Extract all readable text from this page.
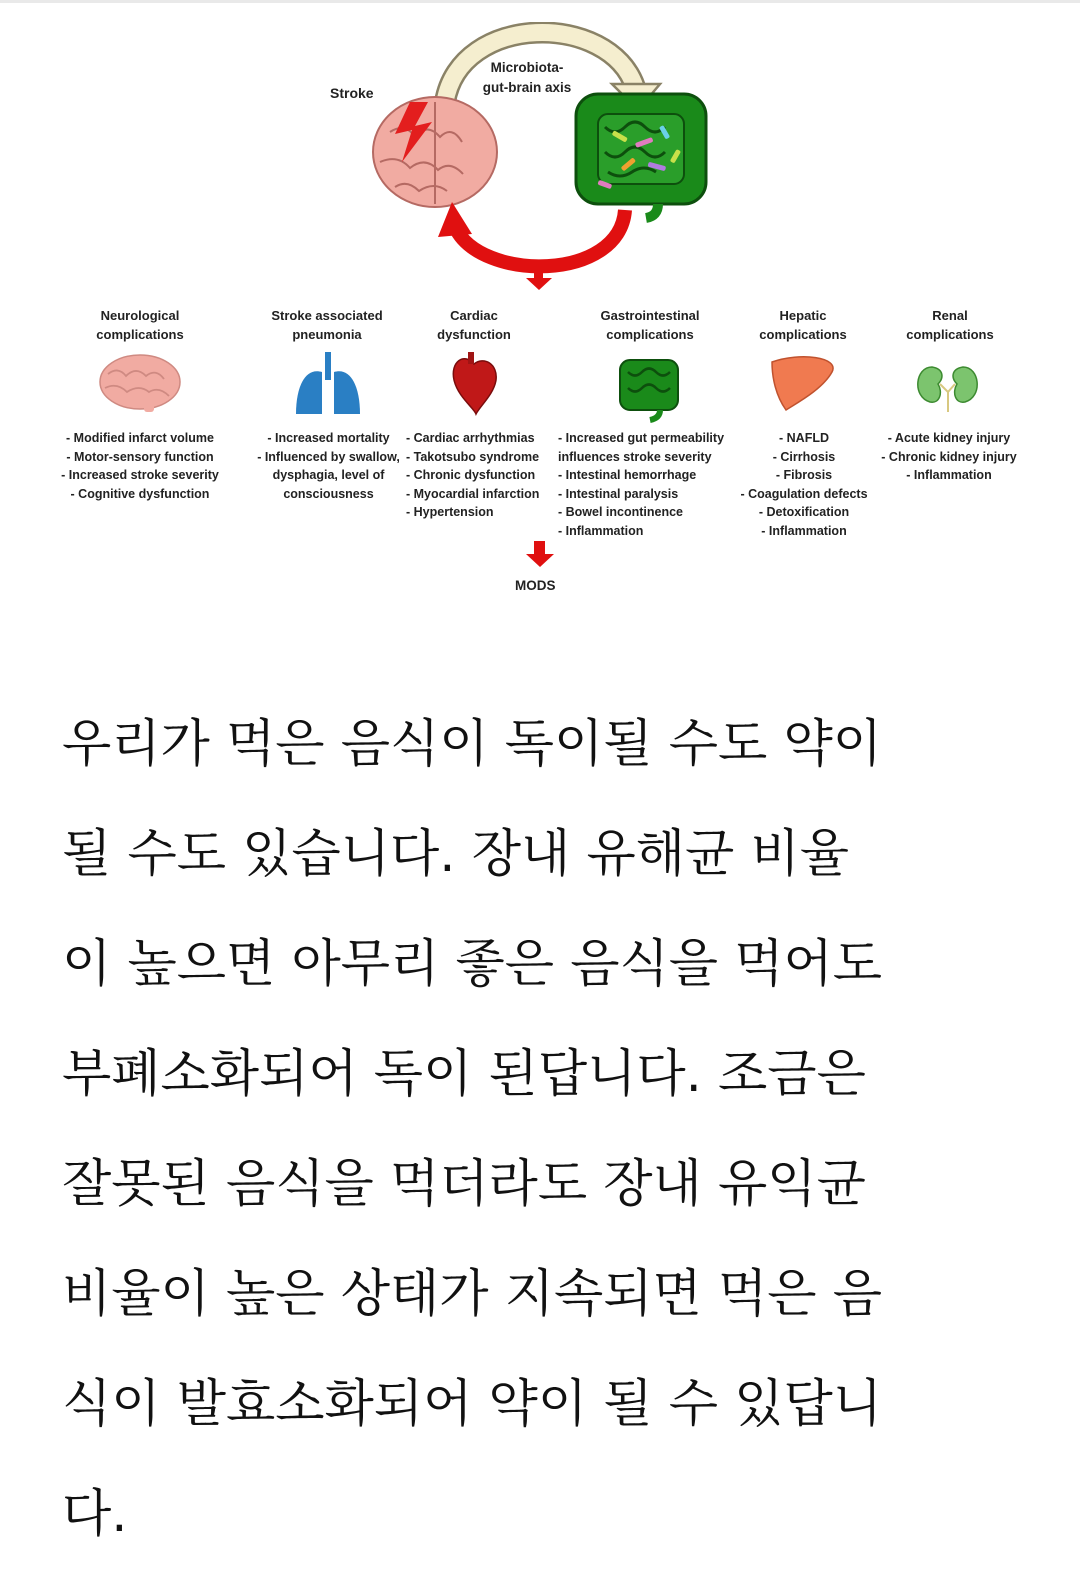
Stroke
Microbiota-
gut-brain axis
Neurological
complications
Stroke associated
pneumonia
Cardiac
dysfunction
Gastrointestinal
complications
Hepatic
complications
Renal
complications
- Modified infarct volume
- Motor-sensory function
- Increased stroke severity
- Cognitive dysfunction
- Increased mortality
- Influenced by swallow,
dysphagia, level of
consciousness
- Cardiac arrhythmias
- Takotsubo syndrome
- Chronic dysfunction
- Myocardial infarction
- Hypertension
- Increased gut permeability
influences stroke severity
- Intestinal hemorrhage
- Intestinal paralysis
- Bowel incontinence
- Inflammation
- NAFLD
- Cirrhosis
- Fibrosis
- Coagulation defects
- Detoxification
- Inflammation
- Acute kidney injury
- Chronic kidney injury
- Inflammation
MODS
우리가 먹은 음식이 독이될 수도 약이
될 수도 있습니다. 장내 유해균 비율
이 높으면 아무리 좋은 음식을 먹어도
부폐소화되어 독이 된답니다. 조금은
잘못된 음식을 먹더라도 장내 유익균
비율이 높은 상태가 지속되면 먹은 음
식이 발효소화되어 약이 될 수 있답니
다.
